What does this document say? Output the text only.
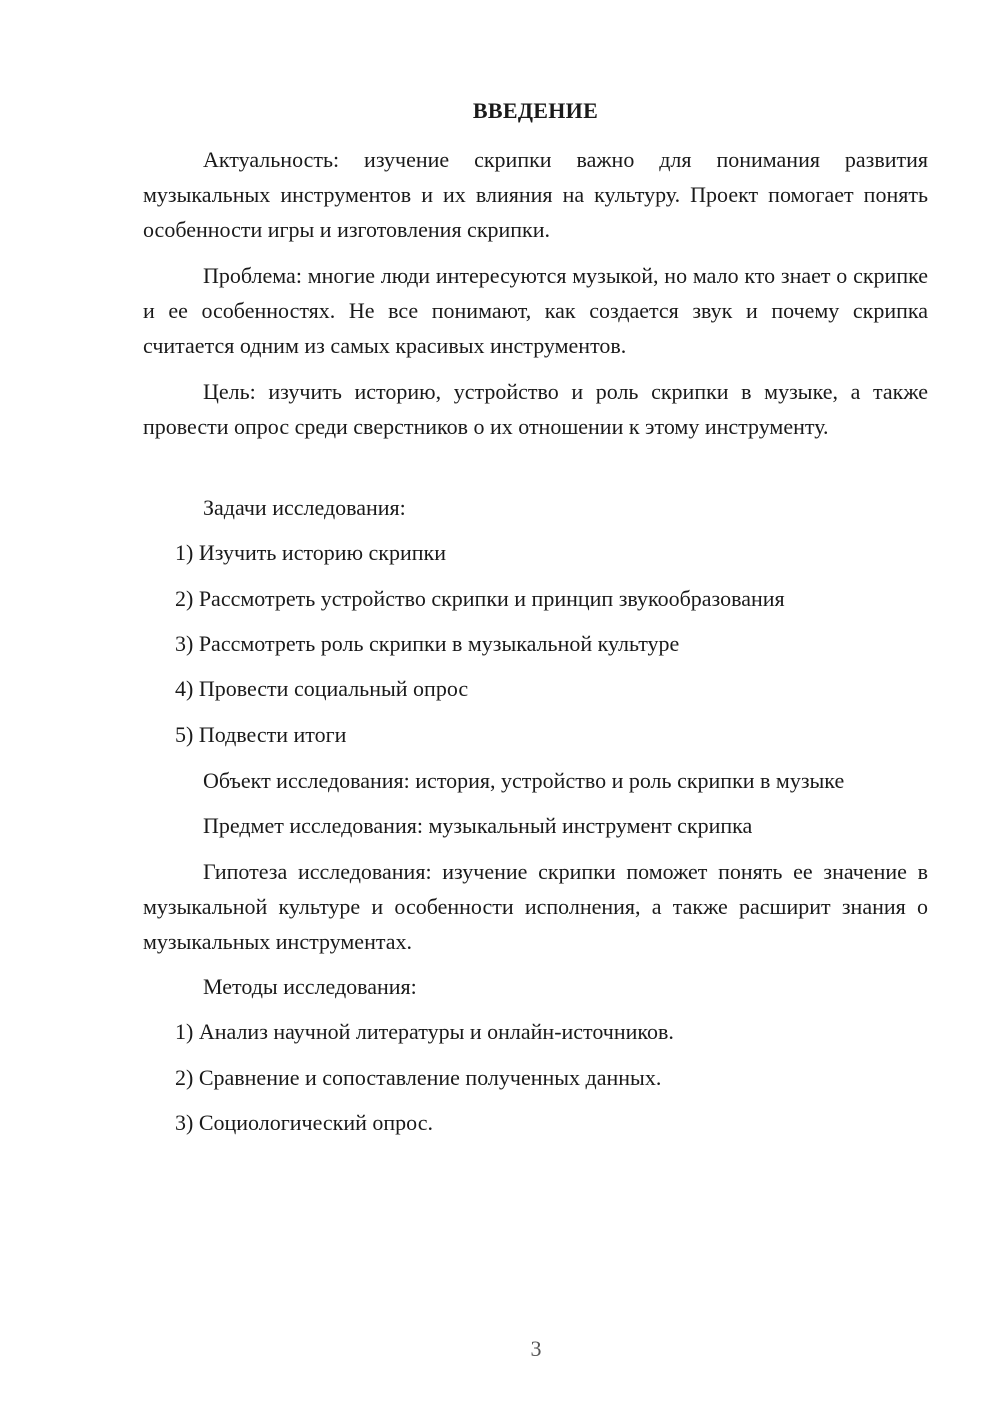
ВВЕДЕНИЕ

Актуальность: изучение скрипки важно для понимания развития музыкальных инструментов и их влияния на культуру. Проект помогает понять особенности игры и изготовления скрипки.

Проблема: многие люди интересуются музыкой, но мало кто знает о скрипке и ее особенностях. Не все понимают, как создается звук и почему скрипка считается одним из самых красивых инструментов.

Цель: изучить историю, устройство и роль скрипки в музыке, а также провести опрос среди сверстников о их отношении к этому инструменту.

Задачи исследования:

1) Изучить историю скрипки

2) Рассмотреть устройство скрипки и принцип звукообразования

3) Рассмотреть роль скрипки в музыкальной культуре

4) Провести социальный опрос

5) Подвести итоги

Объект исследования: история, устройство и роль скрипки в музыке

Предмет исследования: музыкальный инструмент скрипка

Гипотеза исследования: изучение скрипки поможет понять ее значение в музыкальной культуре и особенности исполнения, а также расширит знания о музыкальных инструментах.

Методы исследования:

1) Анализ научной литературы и онлайн-источников.

2) Сравнение и сопоставление полученных данных.

3) Социологический опрос.

3
